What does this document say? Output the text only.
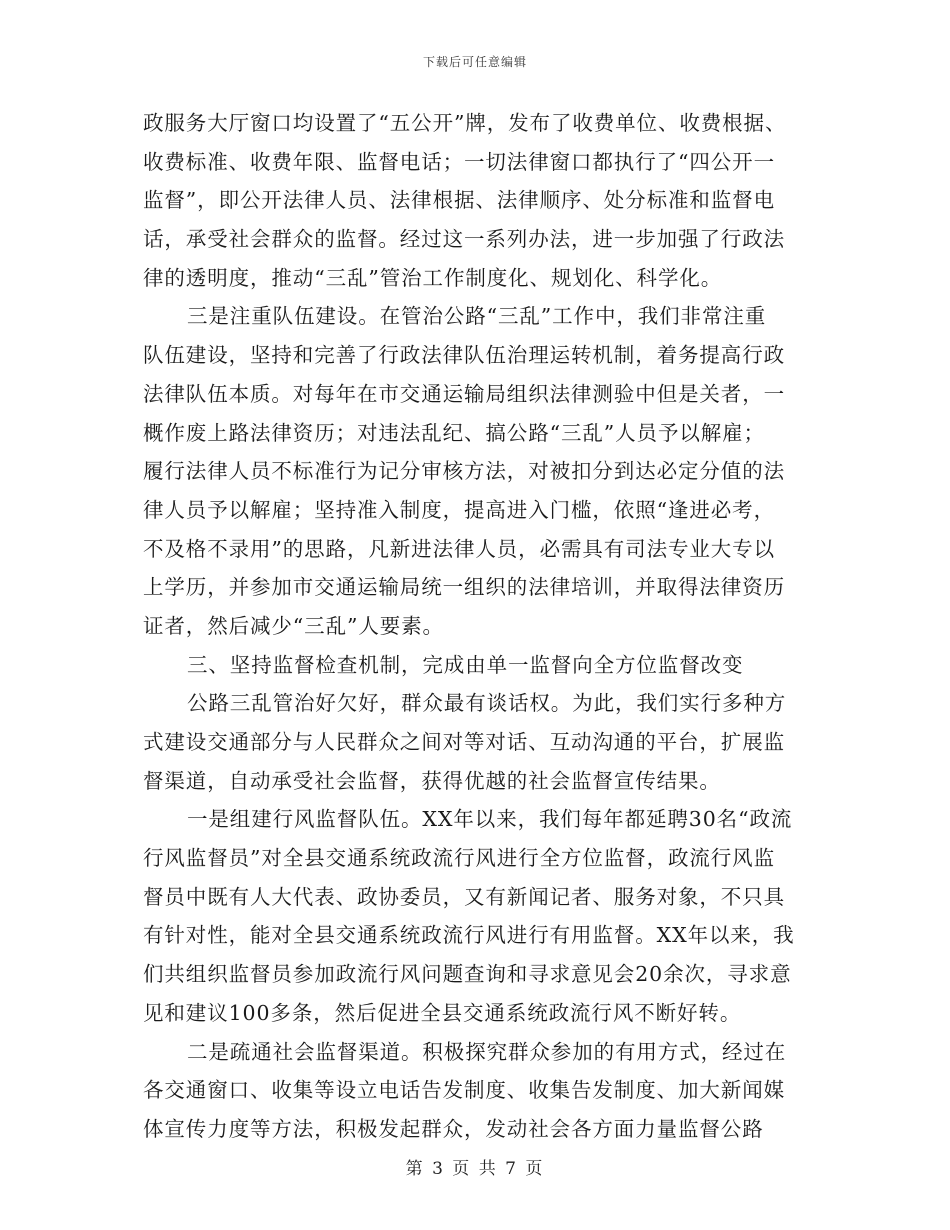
下载后可任意编辑
政服务大厅窗口均设置了“五公开”牌，发布了收费单位、收费根据、
收费标准、收费年限、监督电话；一切法律窗口都执行了“四公开一
监督”，即公开法律人员、法律根据、法律顺序、处分标准和监督电
话，承受社会群众的监督。经过这一系列办法，进一步加强了行政法
律的透明度，推动“三乱”管治工作制度化、规划化、科学化。
三是注重队伍建设。在管治公路“三乱”工作中，我们非常注重
队伍建设，坚持和完善了行政法律队伍治理运转机制，着务提高行政
法律队伍本质。对每年在市交通运输局组织法律测验中但是关者，一
概作废上路法律资历；对违法乱纪、搞公路“三乱”人员予以解雇；
履行法律人员不标准行为记分审核方法，对被扣分到达必定分值的法
律人员予以解雇；坚持准入制度，提高进入门槛，依照“逢进必考，
不及格不录用”的思路，凡新进法律人员，必需具有司法专业大专以
上学历，并参加市交通运输局统一组织的法律培训，并取得法律资历
证者，然后减少“三乱”人要素。
三、坚持监督检查机制，完成由单一监督向全方位监督改变
公路三乱管治好欠好，群众最有谈话权。为此，我们实行多种方
式建设交通部分与人民群众之间对等对话、互动沟通的平台，扩展监
督渠道，自动承受社会监督，获得优越的社会监督宣传结果。
一是组建行风监督队伍。XX年以来，我们每年都延聘30名“政流
行风监督员”对全县交通系统政流行风进行全方位监督，政流行风监
督员中既有人大代表、政协委员，又有新闻记者、服务对象，不只具
有针对性，能对全县交通系统政流行风进行有用监督。XX年以来，我
们共组织监督员参加政流行风问题查询和寻求意见会20余次，寻求意
见和建议100多条，然后促进全县交通系统政流行风不断好转。
二是疏通社会监督渠道。积极探究群众参加的有用方式，经过在
各交通窗口、收集等设立电话告发制度、收集告发制度、加大新闻媒
体宣传力度等方法，积极发起群众，发动社会各方面力量监督公路
第 3 页 共 7 页
